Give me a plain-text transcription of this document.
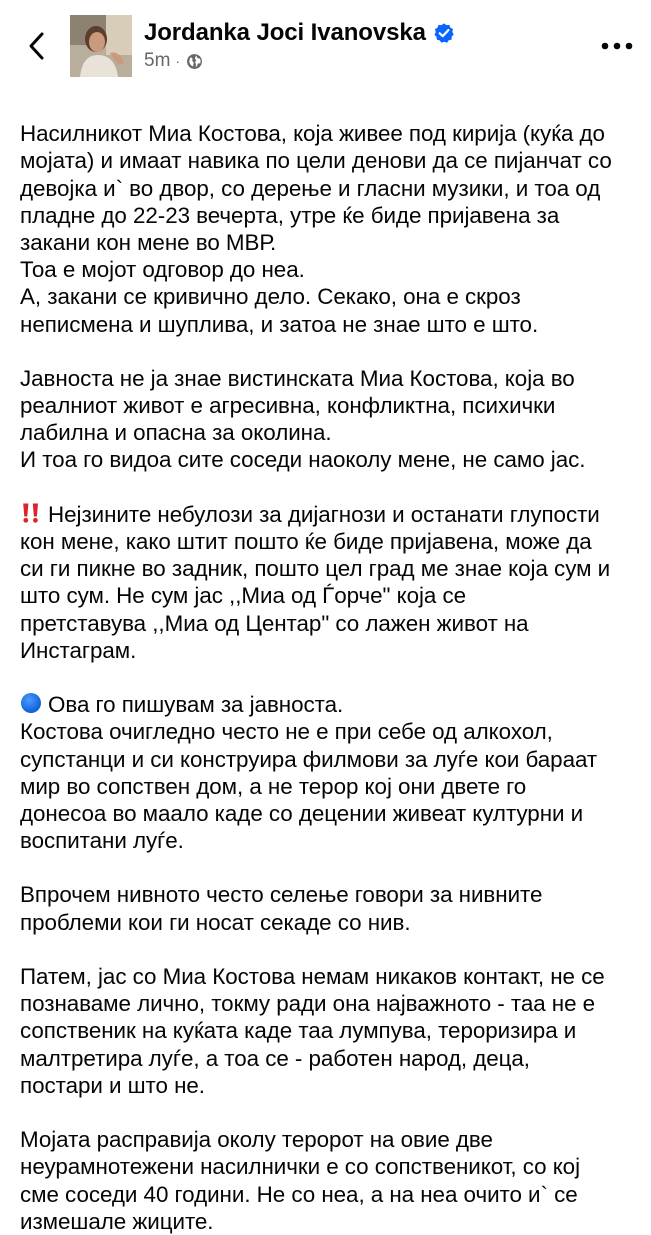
Jordanka Joci Ivanovska
5m ·
Насилникот Миа Костова, која живее под кирија (куќа до
мојата) и имаат навика по цели денови да се пијанчат со
девојка и` во двор, со дерење и гласни музики, и тоа од
пладне до 22-23 вечерта, утре ќе биде пријавена за
закани кон мене во МВР.
Тоа е мојот одговор до неа.
А, закани се кривично дело. Секако, она е скроз
неписмена и шуплива, и затоа не знае што е што.
Јавноста не ја знае вистинската Миа Костова, која во
реалниот живот е агресивна, конфликтна, психички
лабилна и опасна за околина.
И тоа го видоа сите соседи наоколу мене, не само јас.
Нејзините небулози за дијагнози и останати глупости
кон мене, како штит пошто ќе биде пријавена, може да
си ги пикне во задник, пошто цел град ме знае која сум и
што сум. Не сум јас ,,Миа од Ѓорче" која се
претставува ,,Миа од Центар" со лажен живот на
Инстаграм.
Ова го пишувам за јавноста.
Костова очигледно често не е при себе од алкохол,
супстанци и си конструира филмови за луѓе кои бараат
мир во сопствен дом, а не терор кој они двете го
донесоа во маало каде со децении живеат културни и
воспитани луѓе.
Впрочем нивното често селење говори за нивните
проблеми кои ги носат секаде со нив.
Патем, јас со Миа Костова немам никаков контакт, не се
познаваме лично, токму ради она најважното - таа не е
сопственик на куќата каде таа лумпува, тероризира и
малтретира луѓе, а тоа се - работен народ, деца,
постари и што не.
Мојата расправија околу теророт на овие две
неурамнотежени насилнички е со сопственикот, со кој
сме соседи 40 години. Не со неа, а на неа очито и` се
измешале жиците.
